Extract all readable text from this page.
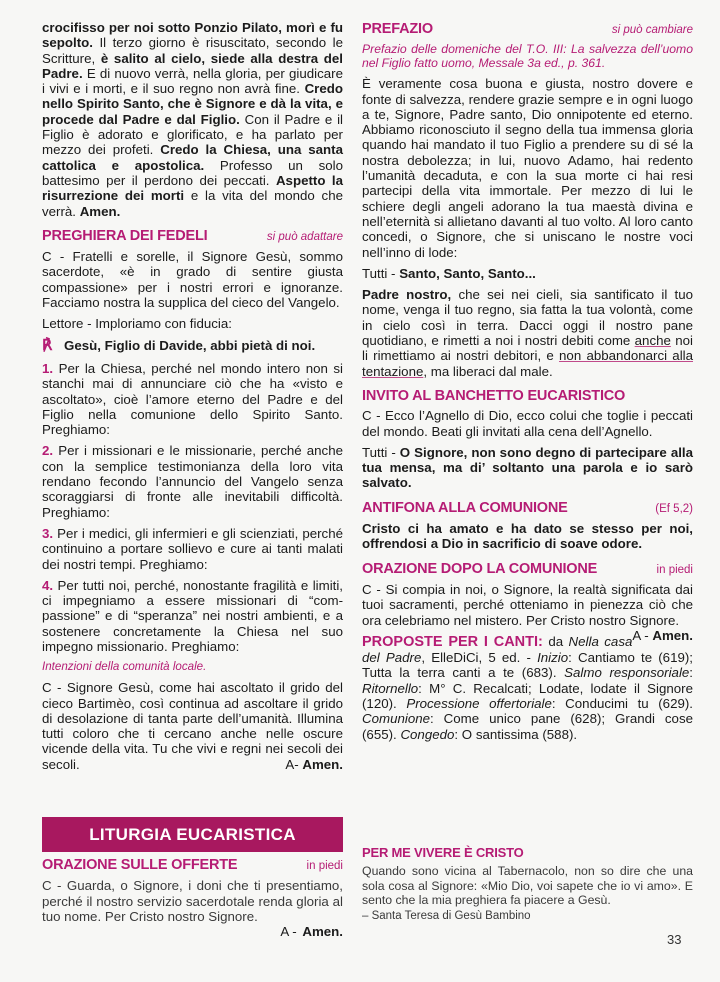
crocifisso per noi sotto Ponzio Pilato, morì e fu sepolto. Il terzo giorno è risuscitato, secondo le Scritture, è salito al cielo, siede alla destra del Padre. E di nuovo verrà, nella gloria, per giudicare i vivi e i morti, e il suo regno non avrà fine. Credo nello Spirito Santo, che è Signore e dà la vita, e procede dal Padre e dal Figlio. Con il Padre e il Figlio è adorato e glorificato, e ha parlato per mezzo dei profeti. Credo la Chiesa, una santa cattolica e apostolica. Professo un solo battesimo per il perdono dei peccati. Aspetto la risurrezione dei morti e la vita del mondo che verrà. Amen.

PREGHIERA DEI FEDELI	si può adattare

C - Fratelli e sorelle, il Signore Gesù, sommo sacerdote, «è in grado di sentire giusta compassione» per i nostri errori e ignoranze. Facciamo nostra la supplica del cieco del Vangelo.

Lettore - Imploriamo con fiducia:

℟ Gesù, Figlio di Davide, abbi pietà di noi.

1. Per la Chiesa, perché nel mondo intero non si stanchi mai di annunciare ciò che ha «visto e ascoltato», cioè l’amore eterno del Padre e del Figlio nella comunione dello Spirito Santo. Preghiamo:

2. Per i missionari e le missionarie, perché anche con la semplice testimonianza della loro vita rendano fecondo l’annuncio del Vangelo senza scoraggiarsi di fronte alle inevitabili difficoltà. Preghiamo:

3. Per i medici, gli infermieri e gli scienziati, perché continuino a portare sollievo e cure ai tanti malati dei nostri tempi. Preghiamo:

4. Per tutti noi, perché, nonostante fragilità e limiti, ci impegniamo a essere missionari di “com-passione” e di “speranza” nei nostri ambienti, e a sostenere concretamente la Chiesa nel suo impegno missionario. Preghiamo:

Intenzioni della comunità locale.

C - Signore Gesù, come hai ascoltato il grido del cieco Bartimèo, così continua ad ascoltare il grido di desolazione di tanta parte dell’umanità. Illumina tutti coloro che ti cercano anche nelle oscure vicende della vita. Tu che vivi e regni nei secoli dei secoli.	A- Amen.

LITURGIA EUCARISTICA
ORAZIONE SULLE OFFERTE	in piedi

C - Guarda, o Signore, i doni che ti presentiamo, perché il nostro servizio sacerdotale renda gloria al tuo nome. Per Cristo nostro Signore.

A -
Amen.
PREFAZIO	si può cambiare

Prefazio delle domeniche del T.O. III: La salvezza dell’uomo nel Figlio fatto uomo, Messale 3a ed., p. 361.

È veramente cosa buona e giusta, nostro dovere e fonte di salvezza, rendere grazie sempre e in ogni luogo a te, Signore, Padre santo, Dio onnipotente ed eterno. Abbiamo riconosciuto il segno della tua immensa gloria quando hai mandato il tuo Figlio a prendere su di sé la nostra debolezza; in lui, nuovo Adamo, hai redento l’umanità decaduta, e con la sua morte ci hai resi partecipi della vita immortale. Per mezzo di lui le schiere degli angeli adorano la tua maestà divina e nell’eternità si allietano davanti al tuo volto. Al loro canto concedi, o Signore, che si uniscano le nostre voci nell’inno di lode:

Tutti - Santo, Santo, Santo...

Padre nostro, che sei nei cieli, sia santificato il tuo nome, venga il tuo regno, sia fatta la tua volontà, come in cielo così in terra. Dacci oggi il nostro pane quotidiano, e rimetti a noi i nostri debiti come anche noi li rimettiamo ai nostri debitori, e non abbandonarci alla tentazione, ma liberaci dal male.

INVITO AL BANCHETTO EUCARISTICO

C - Ecco l’Agnello di Dio, ecco colui che toglie i peccati del mondo. Beati gli invitati alla cena dell’Agnello.

Tutti - O Signore, non sono degno di partecipare alla tua mensa, ma di’ soltanto una parola e io sarò salvato.

ANTIFONA ALLA COMUNIONE	(Ef 5,2)

Cristo ci ha amato e ha dato se stesso per noi, offrendosi a Dio in sacrificio di soave odore.

ORAZIONE DOPO LA COMUNIONE	in piedi

C - Si compia in noi, o Signore, la realtà significata dai tuoi sacramenti, perché otteniamo in pienezza ciò che ora celebriamo nel mistero. Per Cristo nostro Signore.
A - Amen.

PROPOSTE PER I CANTI: da Nella casa del Padre, ElleDiCi, 5 ed. - Inizio: Cantiamo te (619); Tutta la terra canti a te (683). Salmo responsoriale: Ritornello: M° C. Recalcati; Lodate, lodate il Signore (120). Processione offertoriale: Conducimi tu (629). Comunione: Come unico pane (628); Grandi cose (655). Congedo: O santissima (588).

PER ME VIVERE È CRISTO

Quando sono vicina al Tabernacolo, non so dire che una sola cosa al Signore: «Mio Dio, voi sapete che io vi amo». E sento che la mia preghiera fa piacere a Gesù.

– Santa Teresa di Gesù Bambino

33
